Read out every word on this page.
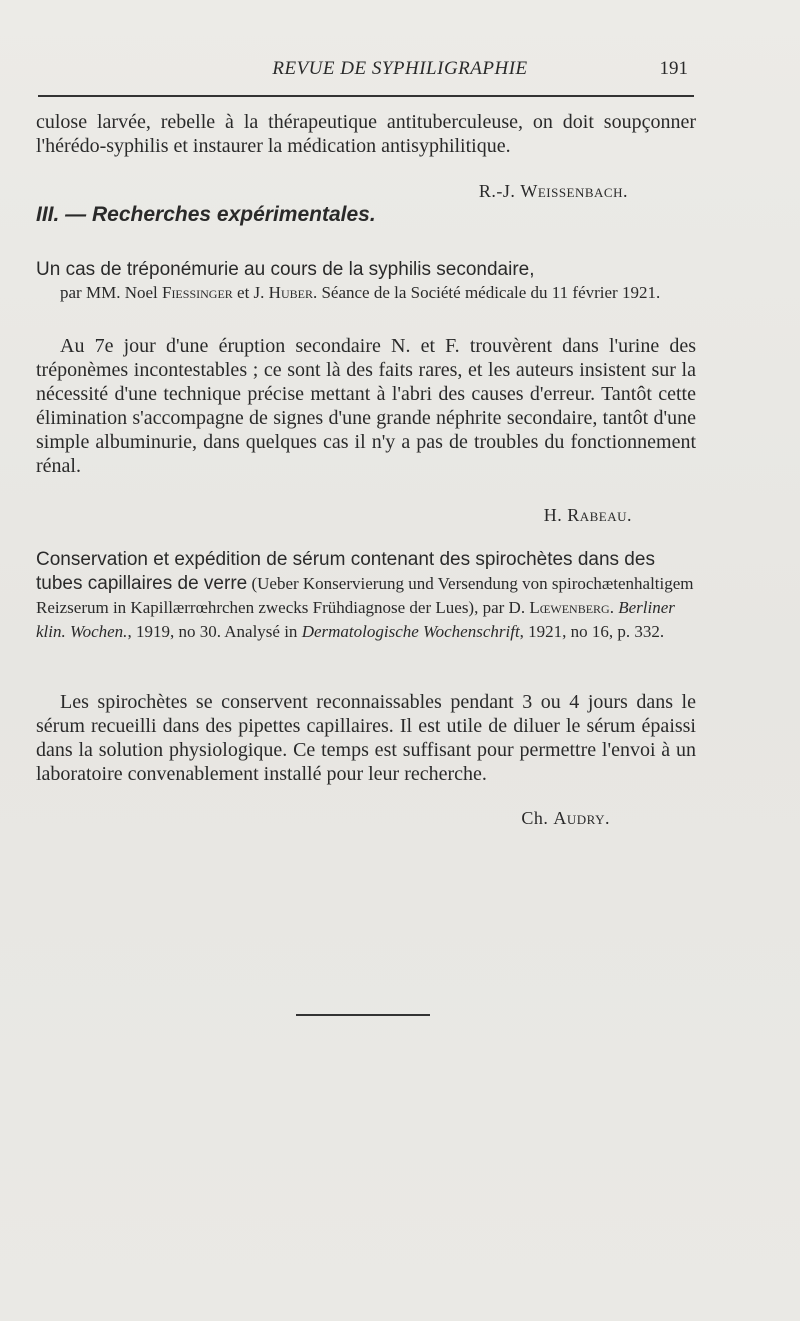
REVUE DE SYPHILIGRAPHIE	191
culose larvée, rebelle à la thérapeutique antituberculeuse, on doit soupçonner l'hérédo-syphilis et instaurer la médication antisyphilitique.
R.-J. Weissenbach.
III. — Recherches expérimentales.
Un cas de tréponémurie au cours de la syphilis secondaire,
par MM. Noel Fiessinger et J. Huber. Séance de la Société médicale du 11 février 1921.
Au 7e jour d'une éruption secondaire N. et F. trouvèrent dans l'urine des tréponèmes incontestables ; ce sont là des faits rares, et les auteurs insistent sur la nécessité d'une technique précise mettant à l'abri des causes d'erreur. Tantôt cette élimination s'accompagne de signes d'une grande néphrite secondaire, tantôt d'une simple albuminurie, dans quelques cas il n'y a pas de troubles du fonctionnement rénal.
H. Rabeau.
Conservation et expédition de sérum contenant des spirochètes dans des tubes capillaires de verre (Ueber Konservierung und Versendung von spirochætenhaltigem Reizserum in Kapillærrœhrchen zwecks Frühdiagnose der Lues), par D. Lœwenberg. Berliner klin. Wochen., 1919, no 30. Analysé in Dermatologische Wochenschrift, 1921, no 16, p. 332.
Les spirochètes se conservent reconnaissables pendant 3 ou 4 jours dans le sérum recueilli dans des pipettes capillaires. Il est utile de diluer le sérum épaissi dans la solution physiologique. Ce temps est suffisant pour permettre l'envoi à un laboratoire convenablement installé pour leur recherche.
Ch. Audry.
